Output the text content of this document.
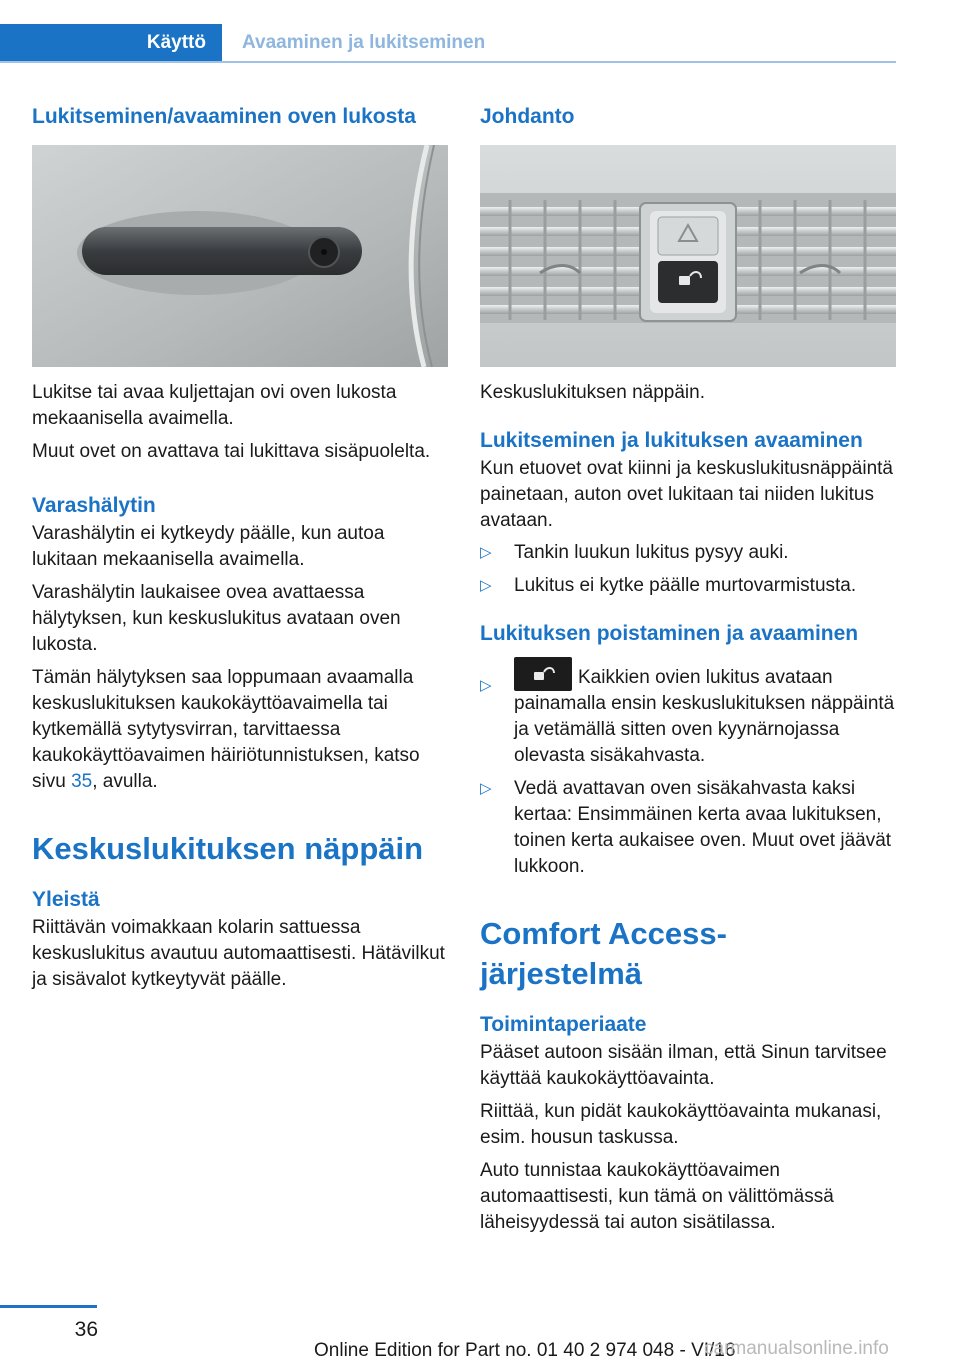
Käyttö Avaaminen ja lukitseminen
Lukitseminen/avaaminen oven lukosta

Lukitse tai avaa kuljettajan ovi oven lukosta mekaanisella avaimella.

Muut ovet on avattava tai lukittava sisäpuolelta.

Varashälytin

Varashälytin ei kytkeydy päälle, kun autoa lukitaan mekaanisella avaimella.

Varashälytin laukaisee ovea avattaessa hälytyksen, kun keskuslukitus avataan oven lukosta.

Tämän hälytyksen saa loppumaan avaamalla keskuslukituksen kaukokäyttöavaimella tai kytkemällä sytytysvirran, tarvittaessa kaukokäyttöavaimen häiriötunnistuksen, katso sivu 35, avulla.

Keskuslukituksen näppäin
Yleistä

Riittävän voimakkaan kolarin sattuessa keskuslukitus avautuu automaattisesti. Hätävilkut ja sisävalot kytkeytyvät päälle.

Johdanto

Keskuslukituksen näppäin.

Lukitseminen ja lukituksen avaaminen

Kun etuovet ovat kiinni ja keskuslukitusnäppäintä painetaan, auton ovet lukitaan tai niiden lukitus avataan.

▷ Tankin luukun lukitus pysyy auki.
▷ Lukitus ei kytke päälle murtovarmistusta.
Lukituksen poistaminen ja avaaminen
▷	Kaikkien ovien lukitus avataan painamalla ensin keskuslukituksen näppäintä ja vetämällä sitten oven kyynärnojassa olevasta sisäkahvasta.
▷ Vedä avattavan oven sisäkahvasta kaksi kertaa: Ensimmäinen kerta avaa lukituksen, toinen kerta aukaisee oven. Muut ovet jäävät lukkoon.
Comfort Access- järjestelmä
Toimintaperiaate

Pääset autoon sisään ilman, että Sinun tarvitsee käyttää kaukokäyttöavainta.

Riittää, kun pidät kaukokäyttöavainta mukanasi, esim. housun taskussa.

Auto tunnistaa kaukokäyttöavaimen automaattisesti, kun tämä on välittömässä läheisyydessä tai auton sisätilassa.

36
Online Edition for Part no. 01 40 2 974 048 - VI/16
carmanualsonline.info
